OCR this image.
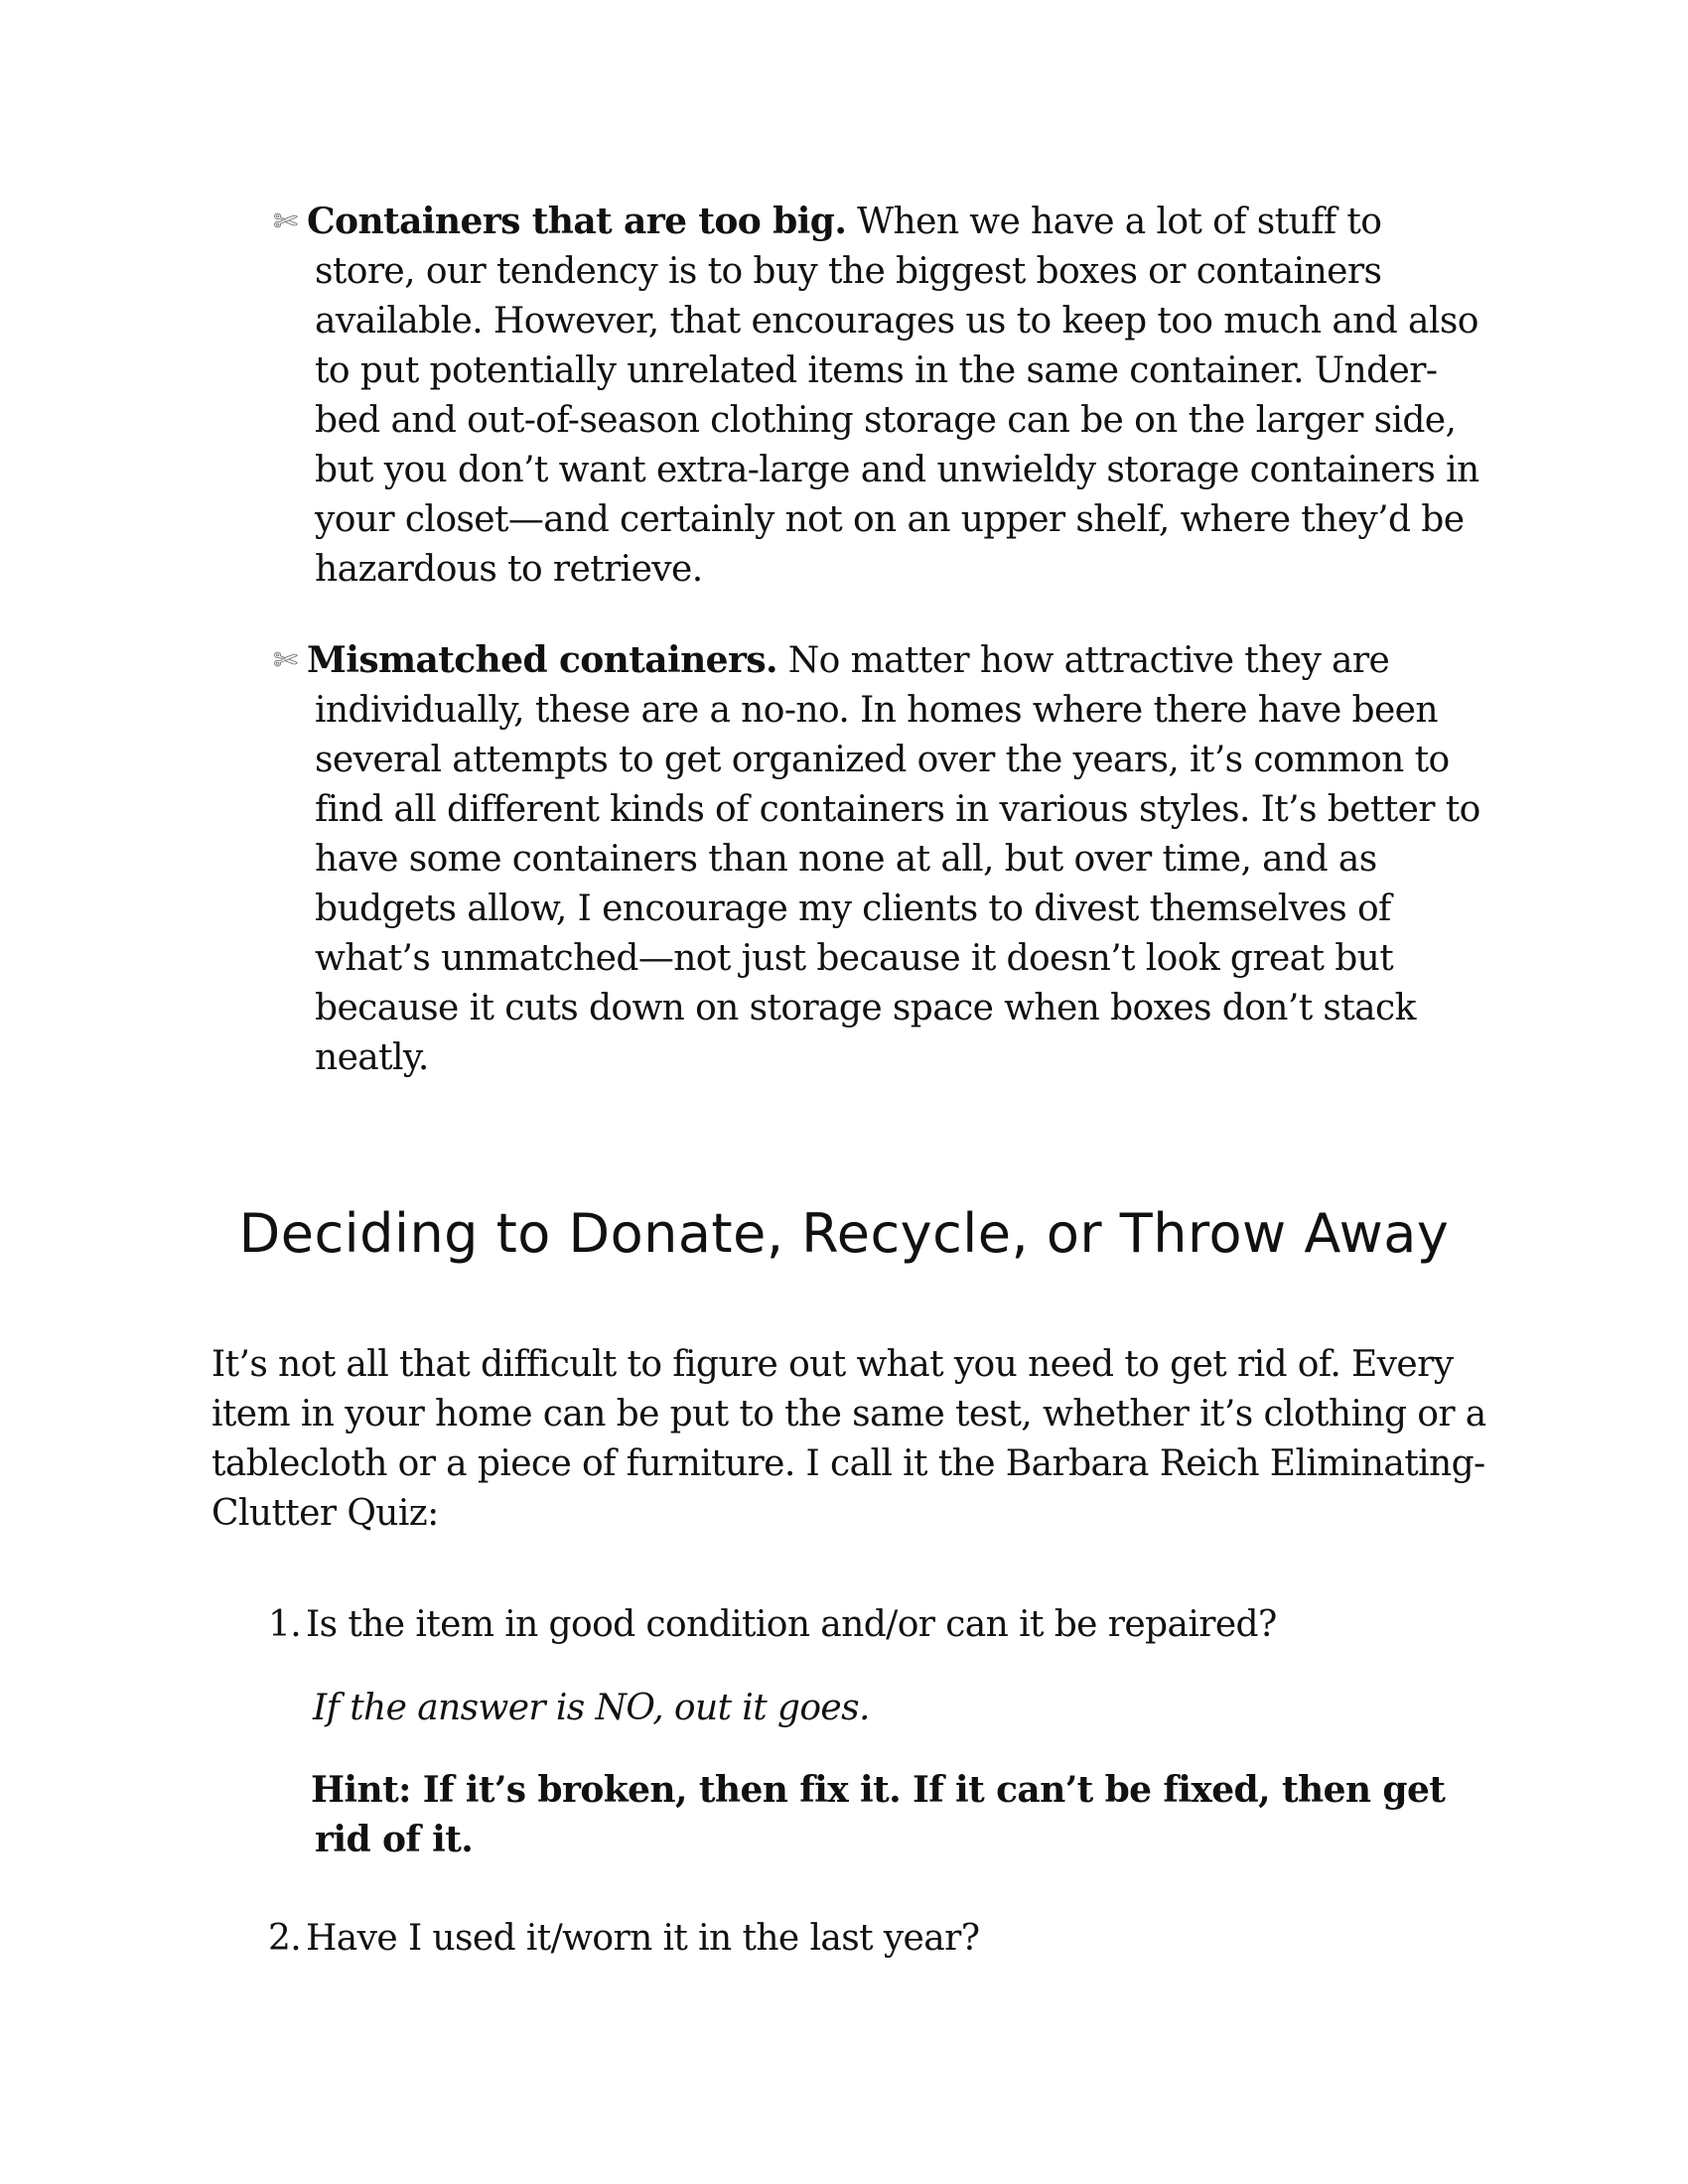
✄ Containers that are too big. When we have a lot of stuff to store, our tendency is to buy the biggest boxes or containers available. However, that encourages us to keep too much and also to put potentially unrelated items in the same container. Under-bed and out-of-season clothing storage can be on the larger side, but you don’t want extra-large and unwieldy storage containers in your closet—and certainly not on an upper shelf, where they’d be hazardous to retrieve.

✄ Mismatched containers. No matter how attractive they are individually, these are a no-no. In homes where there have been several attempts to get organized over the years, it’s common to find all different kinds of containers in various styles. It’s better to have some containers than none at all, but over time, and as budgets allow, I encourage my clients to divest themselves of what’s unmatched—not just because it doesn’t look great but because it cuts down on storage space when boxes don’t stack neatly.

Deciding to Donate, Recycle, or Throw Away

It’s not all that difficult to figure out what you need to get rid of. Every item in your home can be put to the same test, whether it’s clothing or a tablecloth or a piece of furniture. I call it the Barbara Reich Eliminating-Clutter Quiz:

1. Is the item in good condition and/or can it be repaired?

If the answer is NO, out it goes.

Hint: If it’s broken, then fix it. If it can’t be fixed, then get rid of it.

2. Have I used it/worn it in the last year?
